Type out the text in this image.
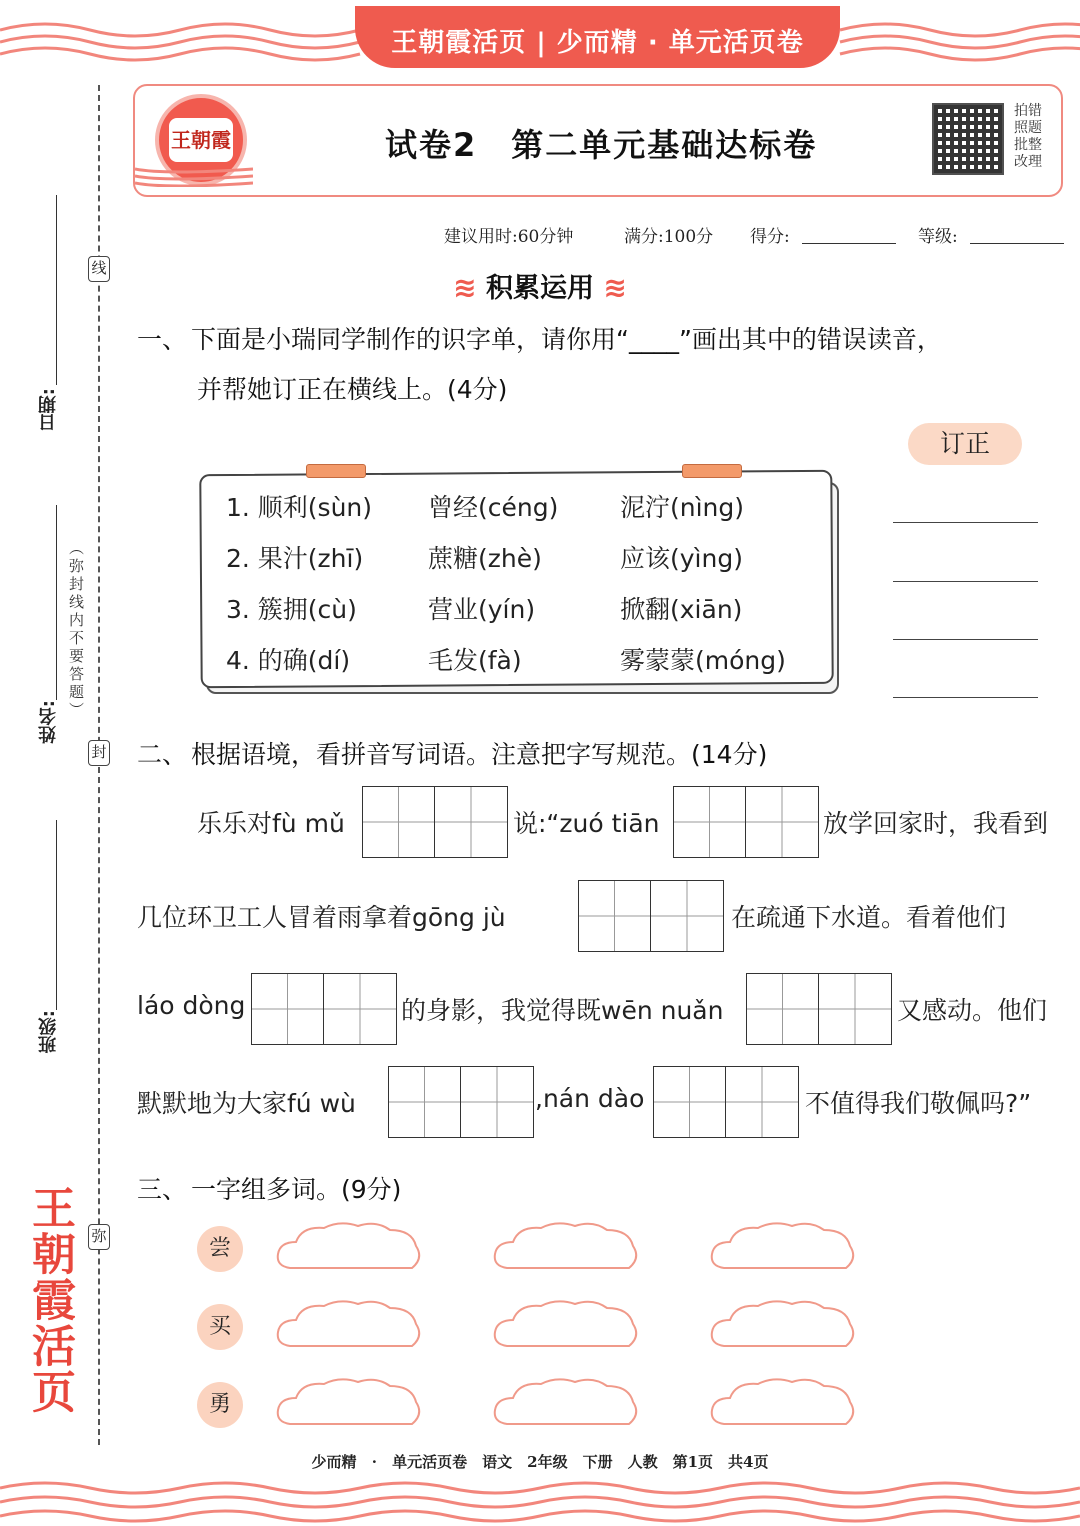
王朝霞活页 | 少而精 · 单元活页卷
线
封
弥
日期:
姓名:
班级:
（弥封线内不要答题）
王朝霞活页
王朝霞	试卷2　第二单元基础达标卷
拍错
照题
批整
改理
建议用时:60分钟	满分:100分 得分:	等级:
≋ 积累运用 ≋
一、 下面是小瑞同学制作的识字单，请你用“____”画出其中的错误读音，
并帮她订正在横线上。(4分)
订正
1. 顺利(sùn) 曾经(céng) 泥泞(nìng)
2. 果汁(zhī)	蔗糖(zhè)	应该(yìng)
3. 簇拥(cù)	营业(yín)	掀翻(xiān)
4. 的确(dí)	毛发(fà)	雾蒙蒙(móng)
二、 根据语境，看拼音写词语。注意把字写规范。(14分)
乐乐对fù mǔ	说:“zuó tiān	放学回家时，我看到
几位环卫工人冒着雨拿着gōng jù	在疏通下水道。看着他们
láo dòng	的身影，我觉得既wēn nuǎn	又感动。他们
默默地为大家fú wù	,nán dào	不值得我们敬佩吗?”
三、 一字组多词。(9分)
尝
买
勇
少而精 · 单元活页卷　语文　2年级　下册　人教　第1页　共4页
